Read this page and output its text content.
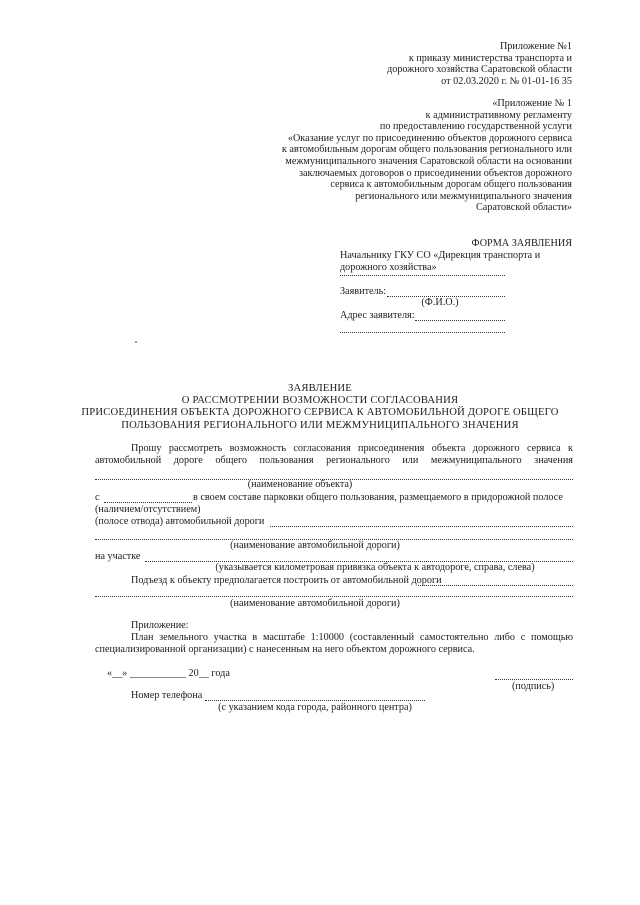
Приложение №1
к приказу министерства транспорта и
дорожного хозяйства Саратовской области
от 02.03.2020 г. № 01-01-16 35
«Приложение № 1
к административному регламенту
по предоставлению государственной услуги
«Оказание услуг по присоединению объектов дорожного сервиса
к автомобильным дорогам общего пользования регионального или
межмуниципального значения Саратовской области на основании
заключаемых договоров о присоединении объектов дорожного
сервиса к автомобильным дорогам общего пользования
регионального или межмуниципального значения
Саратовской области»
ФОРМА ЗАЯВЛЕНИЯ
Начальнику ГКУ СО «Дирекция транспорта и
дорожного хозяйства»
Заявитель:
(Ф.И.О.)
Адрес заявителя:
ЗАЯВЛЕНИЕ
О РАССМОТРЕНИИ ВОЗМОЖНОСТИ СОГЛАСОВАНИЯ
ПРИСОЕДИНЕНИЯ ОБЪЕКТА ДОРОЖНОГО СЕРВИСА К АВТОМОБИЛЬНОЙ ДОРОГЕ ОБЩЕГО
ПОЛЬЗОВАНИЯ РЕГИОНАЛЬНОГО ИЛИ МЕЖМУНИЦИПАЛЬНОГО ЗНАЧЕНИЯ
Прошу рассмотреть возможность согласования присоединения объекта дорожного сервиса к
автомобильной дороге общего пользования регионального или межмуниципального значения
(наименование объекта)
с	в своем составе парковки общего пользования, размещаемого в придорожной полосе
(наличием/отсутствием)
(полосе отвода) автомобильной дороги
(наименование автомобильной дороги)
на участке
(указывается километровая привязка объекта к автодороге, справа, слева)
Подъезд к объекту предполагается построить от автомобильной дороги
(наименование автомобильной дороги)
Приложение:
План земельного участка в масштабе 1:10000 (составленный самостоятельно либо с помощью
специализированной организации) с нанесенным на него объектом дорожного сервиса.
«__» ___________ 20__ года
(подпись)
Номер телефона
(с указанием кода города, районного центра)
